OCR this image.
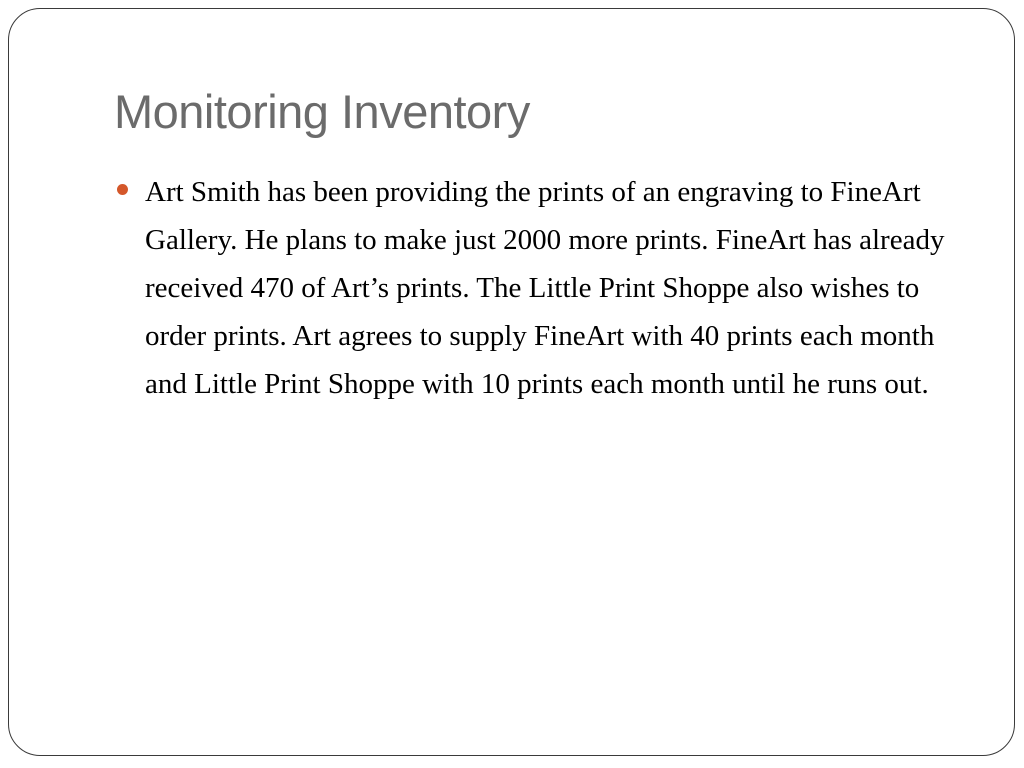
Monitoring Inventory
Art Smith has been providing the prints of an engraving to FineArt Gallery. He plans to make just 2000 more prints. FineArt has already received 470 of Art’s prints. The Little Print Shoppe also wishes to order prints. Art agrees to supply FineArt with 40 prints each month and Little Print Shoppe with 10 prints each month until he runs out.
